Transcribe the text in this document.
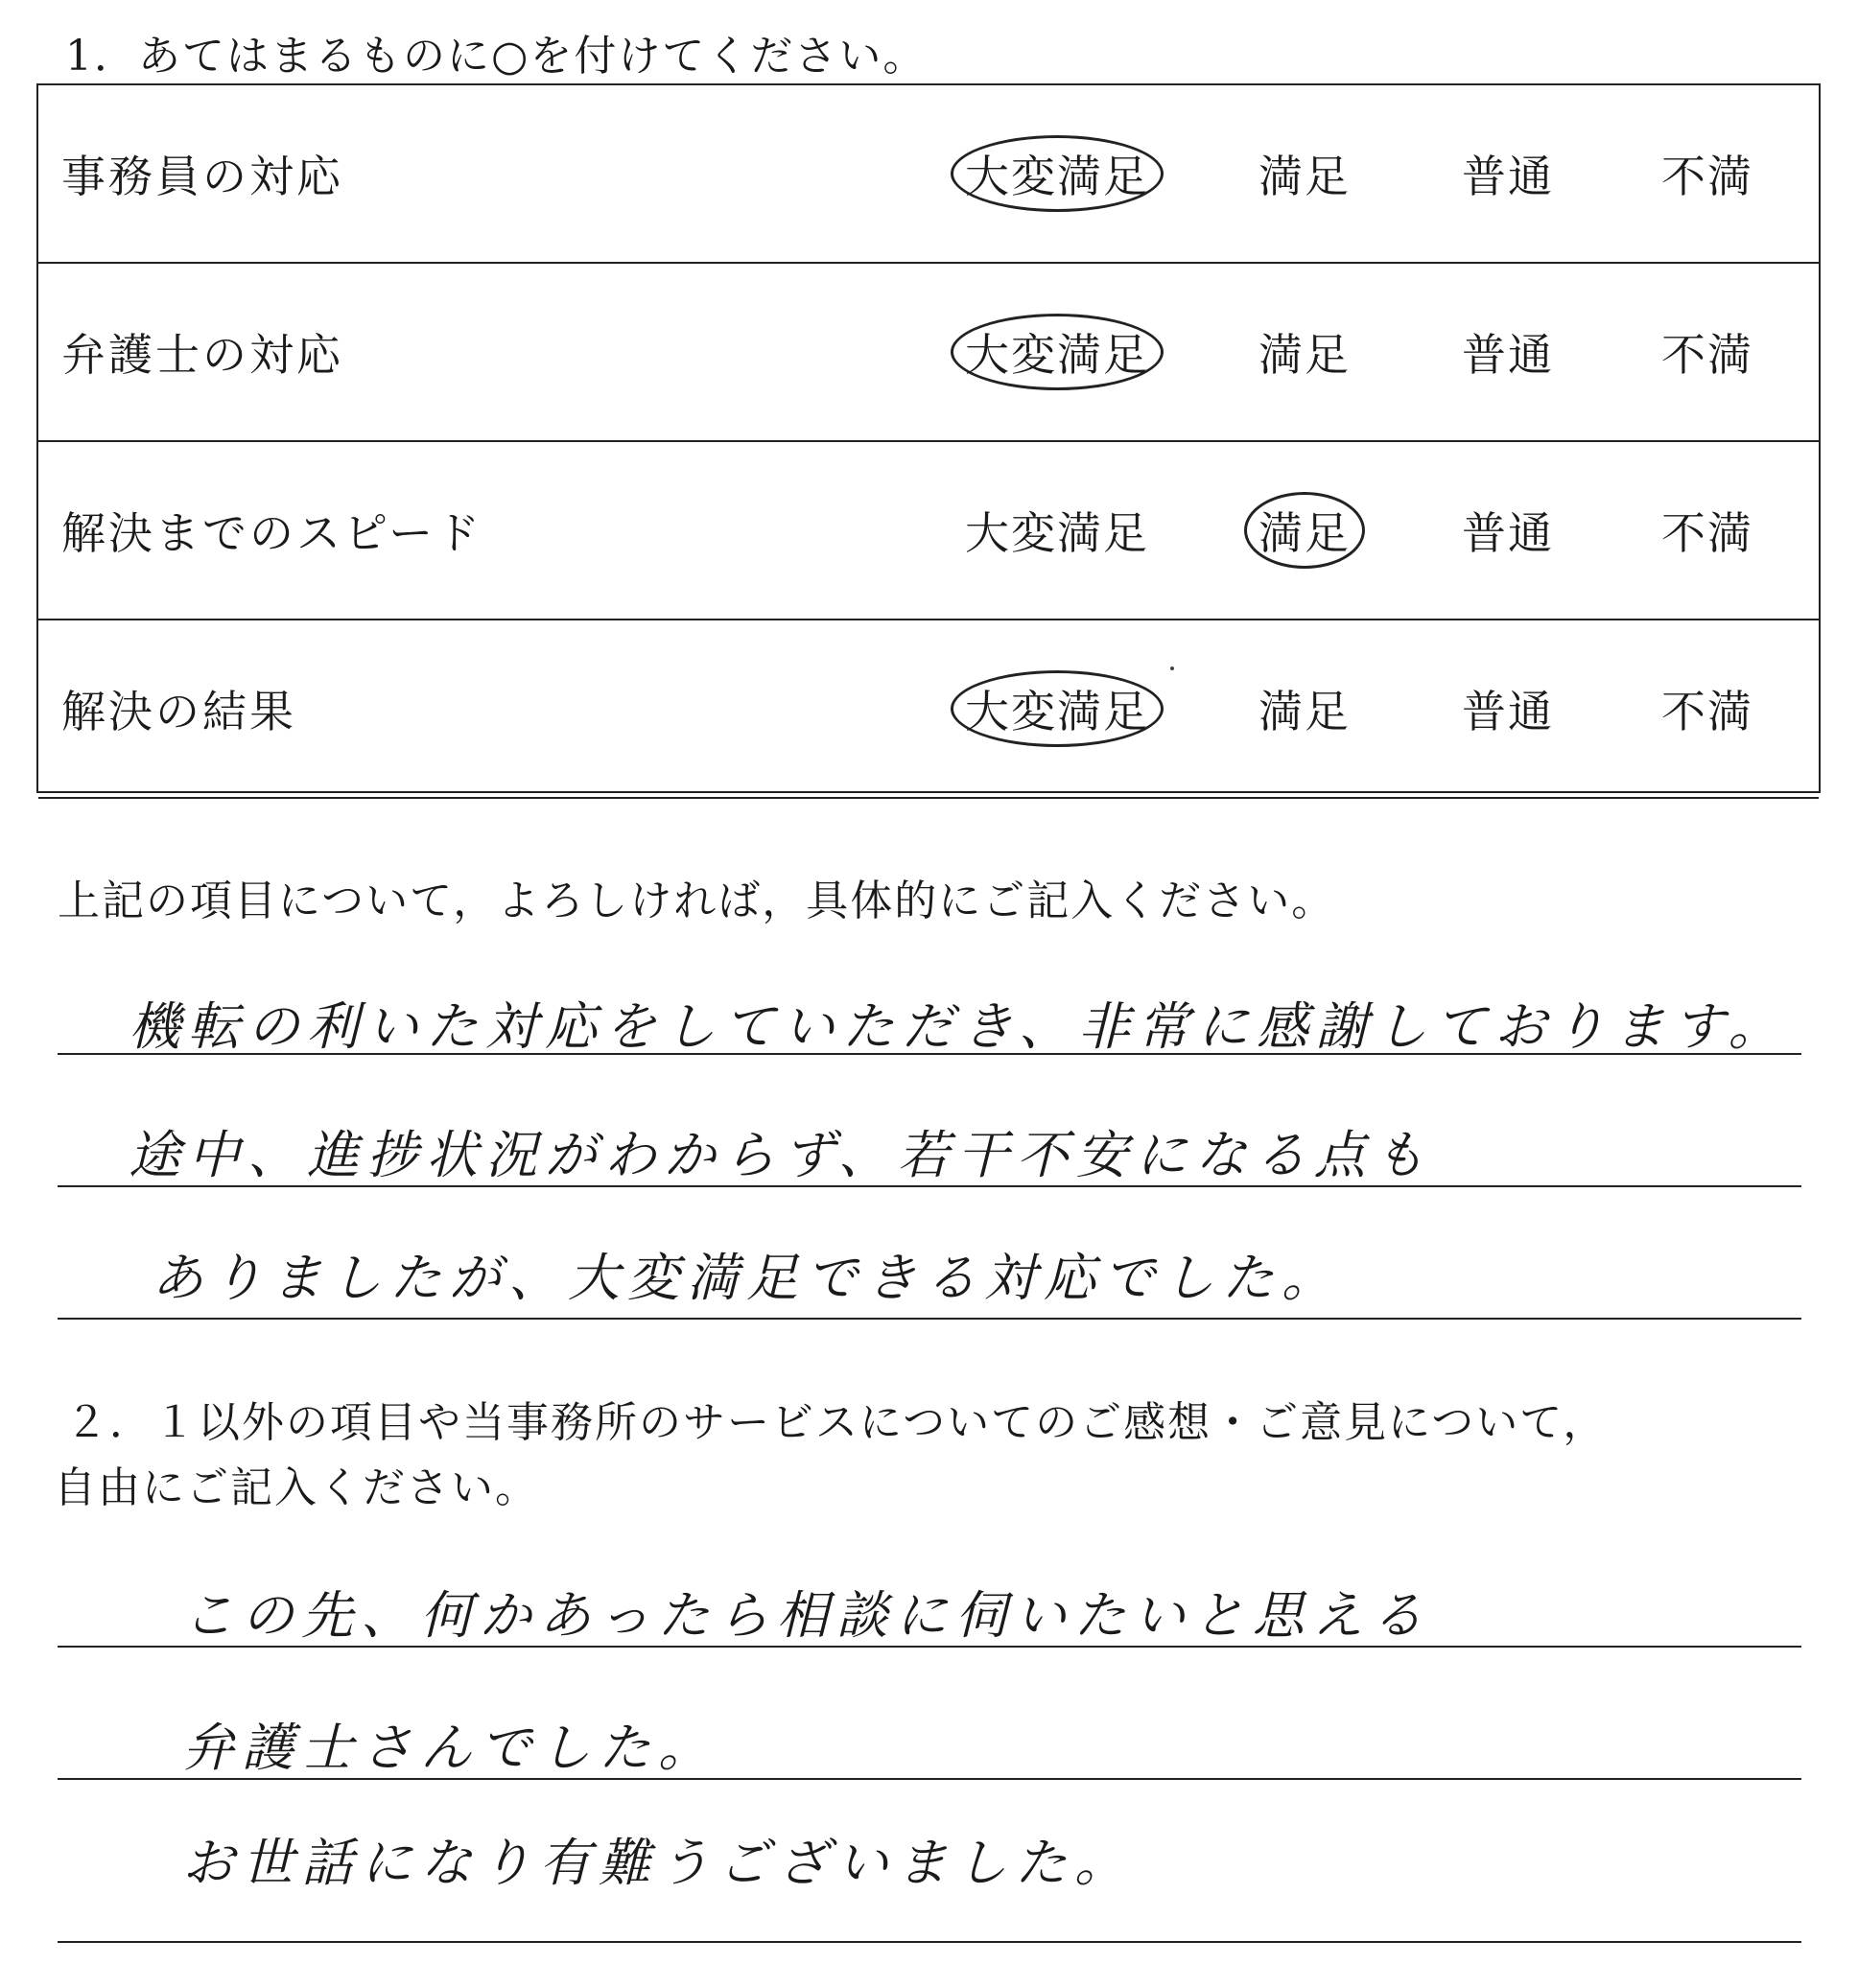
1．あてはまるものに○を付けてください。
事務員の対応	大変満足	満足	普通 不満
弁護士の対応	大変満足	満足	普通 不満
解決までのスピード	大変満足	満足	普通 不満
解決の結果	大変満足	満足	普通 不満
上記の項目について，よろしければ，具体的にご記入ください。
機転の利いた対応をしていただき、非常に感謝しております。
途中、進捗状況がわからず、若干不安になる点も
ありましたが、大変満足できる対応でした。
２．１以外の項目や当事務所のサービスについてのご感想・ご意見について，
自由にご記入ください。
この先、何かあったら相談に伺いたいと思える
弁護士さんでした。
お世話になり有難うございました。
